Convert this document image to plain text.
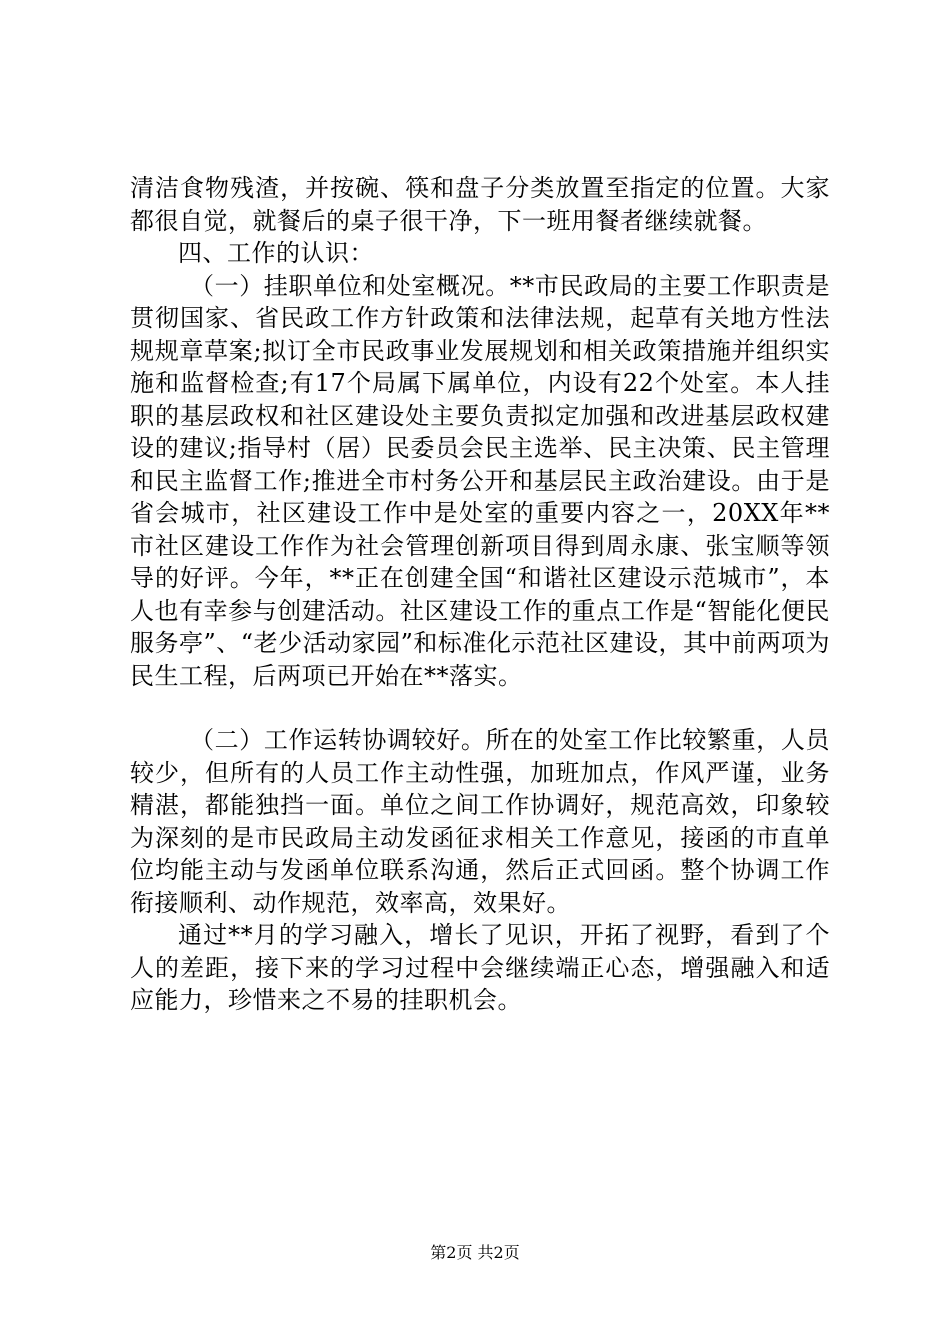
清洁食物残渣，并按碗、筷和盘子分类放置至指定的位置。大家都很自觉，就餐后的桌子很干净，下一班用餐者继续就餐。

四、工作的认识：

（一）挂职单位和处室概况。**市民政局的主要工作职责是贯彻国家、省民政工作方针政策和法律法规，起草有关地方性法规规章草案;拟订全市民政事业发展规划和相关政策措施并组织实施和监督检查;有17个局属下属单位，内设有22个处室。本人挂职的基层政权和社区建设处主要负责拟定加强和改进基层政权建设的建议;指导村（居）民委员会民主选举、民主决策、民主管理和民主监督工作;推进全市村务公开和基层民主政治建设。由于是省会城市，社区建设工作中是处室的重要内容之一，20XX年**市社区建设工作作为社会管理创新项目得到周永康、张宝顺等领导的好评。今年，**正在创建全国“和谐社区建设示范城市”，本人也有幸参与创建活动。社区建设工作的重点工作是“智能化便民服务亭”、“老少活动家园”和标准化示范社区建设，其中前两项为民生工程，后两项已开始在**落实。

（二）工作运转协调较好。所在的处室工作比较繁重，人员较少，但所有的人员工作主动性强，加班加点，作风严谨，业务精湛，都能独挡一面。单位之间工作协调好，规范高效，印象较为深刻的是市民政局主动发函征求相关工作意见，接函的市直单位均能主动与发函单位联系沟通，然后正式回函。整个协调工作衔接顺利、动作规范，效率高，效果好。

通过**月的学习融入，增长了见识，开拓了视野，看到了个人的差距，接下来的学习过程中会继续端正心态，增强融入和适应能力，珍惜来之不易的挂职机会。

第2页 共2页
